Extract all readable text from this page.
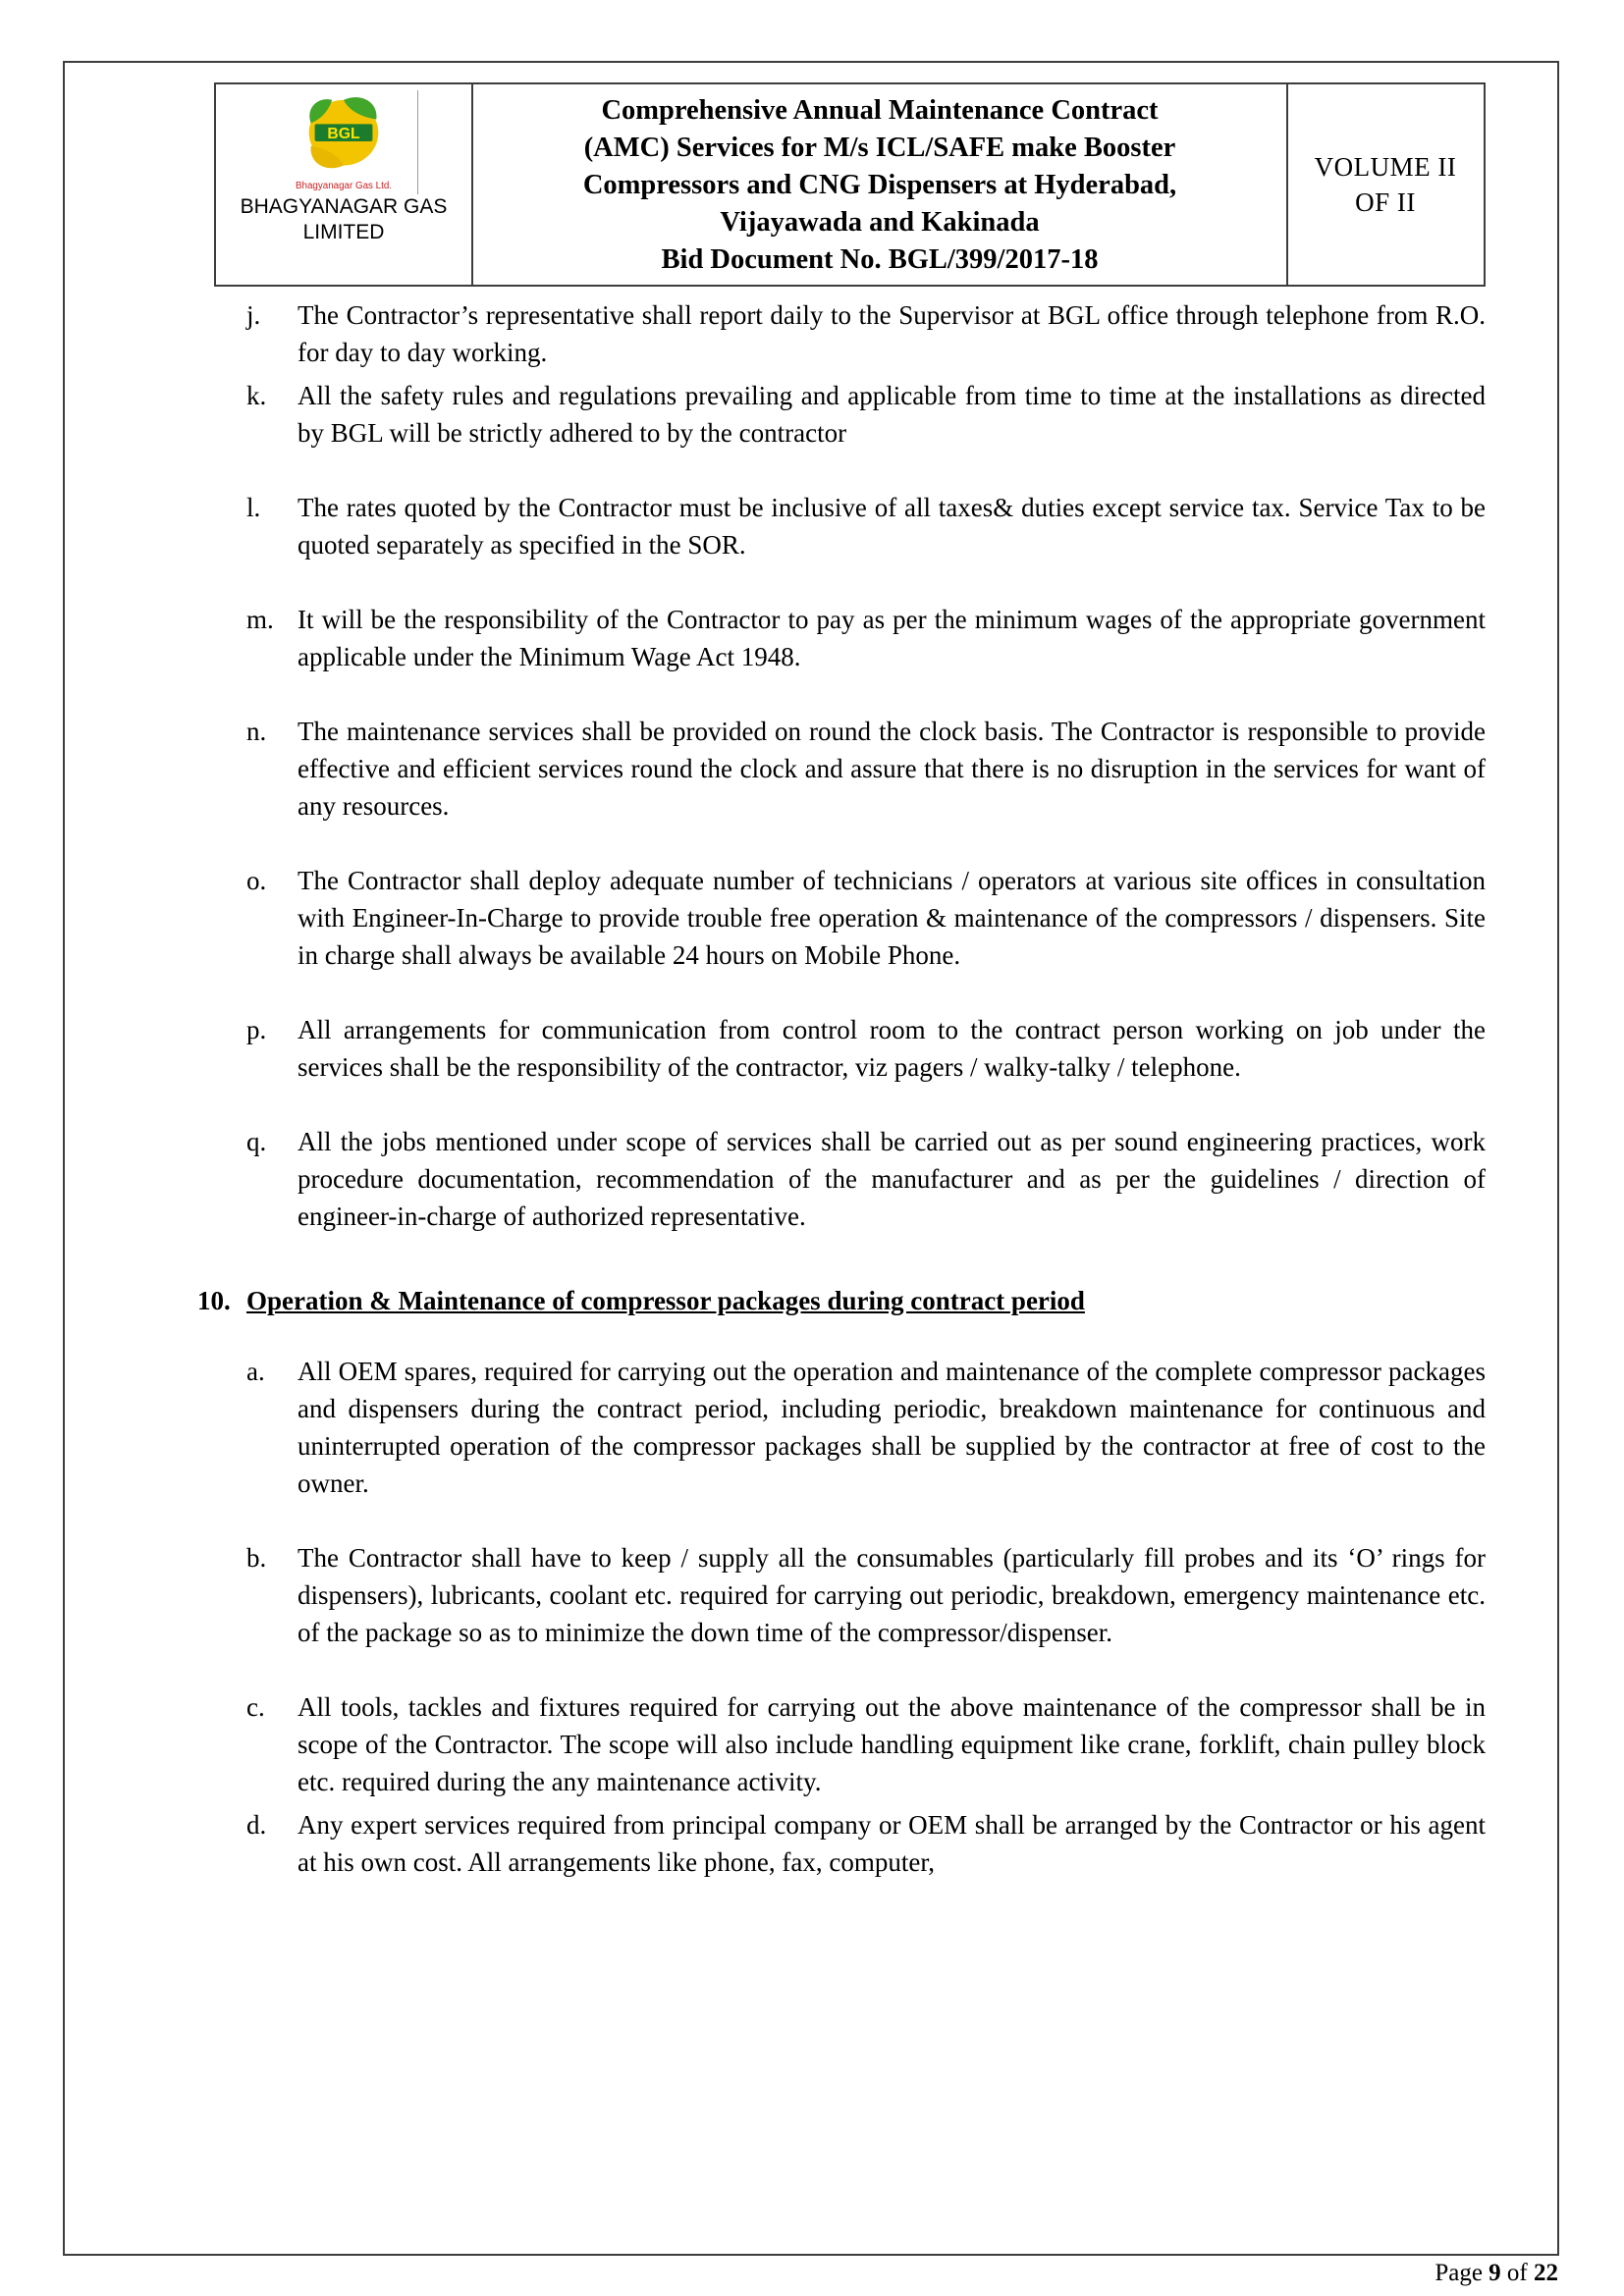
BGL
Bhagyanagar Gas Ltd.
BHAGYANAGAR GAS LIMITED
Comprehensive Annual Maintenance Contract
(AMC) Services for M/s ICL/SAFE make Booster
Compressors and CNG Dispensers at Hyderabad,
Vijayawada and Kakinada
Bid Document No. BGL/399/2017-18
VOLUME II
OF II
j.	The Contractor’s representative shall report daily to the Supervisor at BGL office through telephone from R.O. for day to day working.
k.	All the safety rules and regulations prevailing and applicable from time to time at the installations as directed by BGL will be strictly adhered to by the contractor
l.	The rates quoted by the Contractor must be inclusive of all taxes& duties except service tax. Service Tax to be quoted separately as specified in the SOR.
m. It will be the responsibility of the Contractor to pay as per the minimum wages of the appropriate government applicable under the Minimum Wage Act 1948.
n.	The maintenance services shall be provided on round the clock basis. The Contractor is responsible to provide effective and efficient services round the clock and assure that there is no disruption in the services for want of any resources.
o.	The Contractor shall deploy adequate number of technicians / operators at various site offices in consultation with Engineer-In-Charge to provide trouble free operation & maintenance of the compressors / dispensers. Site in charge shall always be available 24 hours on Mobile Phone.
p.	All arrangements for communication from control room to the contract person working on job under the services shall be the responsibility of the contractor, viz pagers / walky-talky / telephone.
q.	All the jobs mentioned under scope of services shall be carried out as per sound engineering practices, work procedure documentation, recommendation of the manufacturer and as per the guidelines / direction of engineer-in-charge of authorized representative.
10. Operation & Maintenance of compressor packages during contract period
a.	All OEM spares, required for carrying out the operation and maintenance of the complete compressor packages and dispensers during the contract period, including periodic, breakdown maintenance for continuous and uninterrupted operation of the compressor packages shall be supplied by the contractor at free of cost to the owner.
b.	The Contractor shall have to keep / supply all the consumables (particularly fill probes and its ‘O’ rings for dispensers), lubricants, coolant etc. required for carrying out periodic, breakdown, emergency maintenance etc. of the package so as to minimize the down time of the compressor/dispenser.
c.	All tools, tackles and fixtures required for carrying out the above maintenance of the compressor shall be in scope of the Contractor. The scope will also include handling equipment like crane, forklift, chain pulley block etc. required during the any maintenance activity.
d.	Any expert services required from principal company or OEM shall be arranged by the Contractor or his agent at his own cost. All arrangements like phone, fax, computer,
Page 9 of 22
